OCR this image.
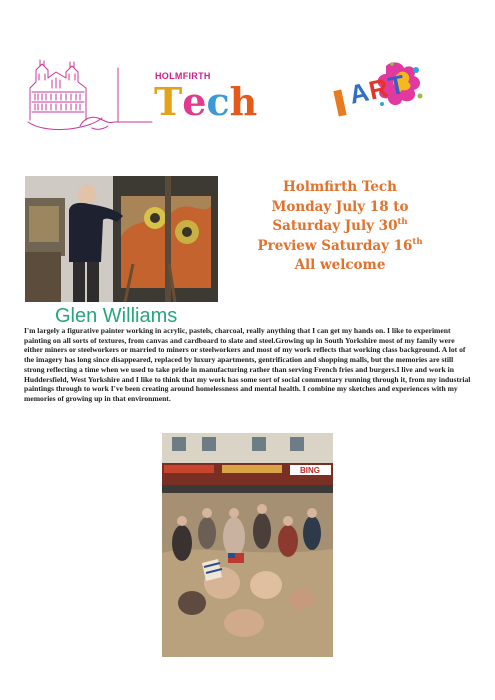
HOLMFIRTH
Tech	ART
Holmfirth Tech
Monday July 18 to
Saturday July 30th
Preview Saturday 16th
All welcome
Glen Williams

I'm largely a figurative painter working in acrylic, pastels, charcoal, really anything that I can get my hands on. I like to experiment painting on all sorts of textures, from canvas and cardboard to slate and steel.Growing up in South Yorkshire most of my family were either miners or steelworkers or married to miners or steelworkers and most of my work reflects that working class background. A lot of the imagery has long since disappeared, replaced by luxury apartments, gentrification and shopping malls, but the memories are still strong reflecting a time when we used to take pride in manufacturing rather than serving French fries and burgers.I live and work in Huddersfield, West Yorkshire and I like to think that my work has some sort of social commentary running through it, from my industrial paintings through to work I've been creating around homelessness and mental health. I combine my sketches and experiences with my memories of growing up in that environment.

BING
